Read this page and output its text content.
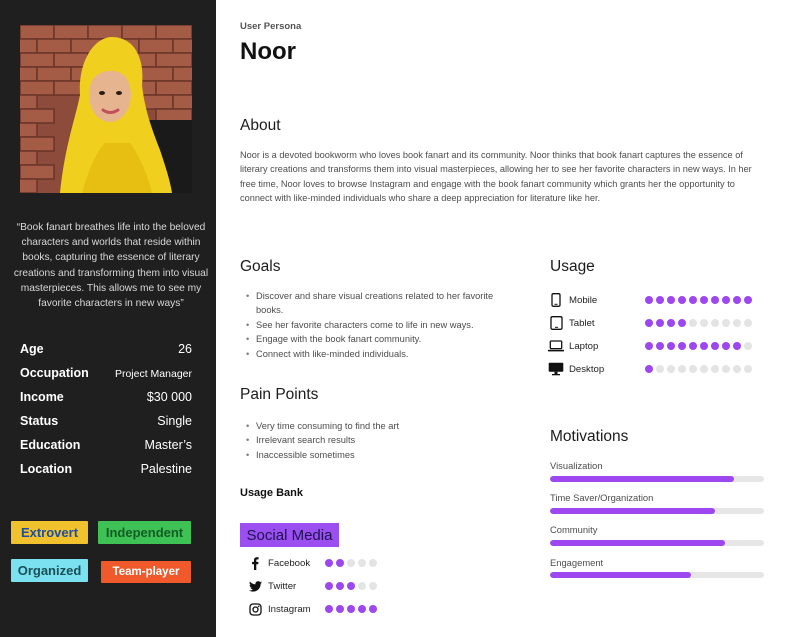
“Book fanart breathes life into the beloved characters and worlds that reside within books, capturing the essence of literary creations and transforming them into visual masterpieces. This allows me to see my favorite characters in new ways”
Age	26
Occupation Project Manager
Income	$30 000
Status	Single
Education	Master’s
Location	Palestine
Extrovert	Independent
Organized	Team-player
User Persona
Noor
About
Noor is a devoted bookworm who loves book fanart and its community. Noor thinks that book fanart captures the essence of literary creations and transforms them into visual masterpieces, allowing her to see her favorite characters in new ways. In her free time, Noor loves to browse Instagram and engage with the book fanart community which grants her the opportunity to connect with like-minded individuals who share a deep appreciation for literature like her.
Goals
• Discover and share visual creations related to her favorite books.
• See her favorite characters come to life in new ways.
• Engage with the book fanart community.
• Connect with like-minded individuals.
Pain Points
• Very time consuming to find the art
• Irrelevant search results
• Inaccessible sometimes
Usage Bank
Social Media
Facebook
Twitter
Instagram
Usage
Mobile
Tablet
Laptop
Desktop
Motivations
Visualization
Time Saver/Organization
Community
Engagement
